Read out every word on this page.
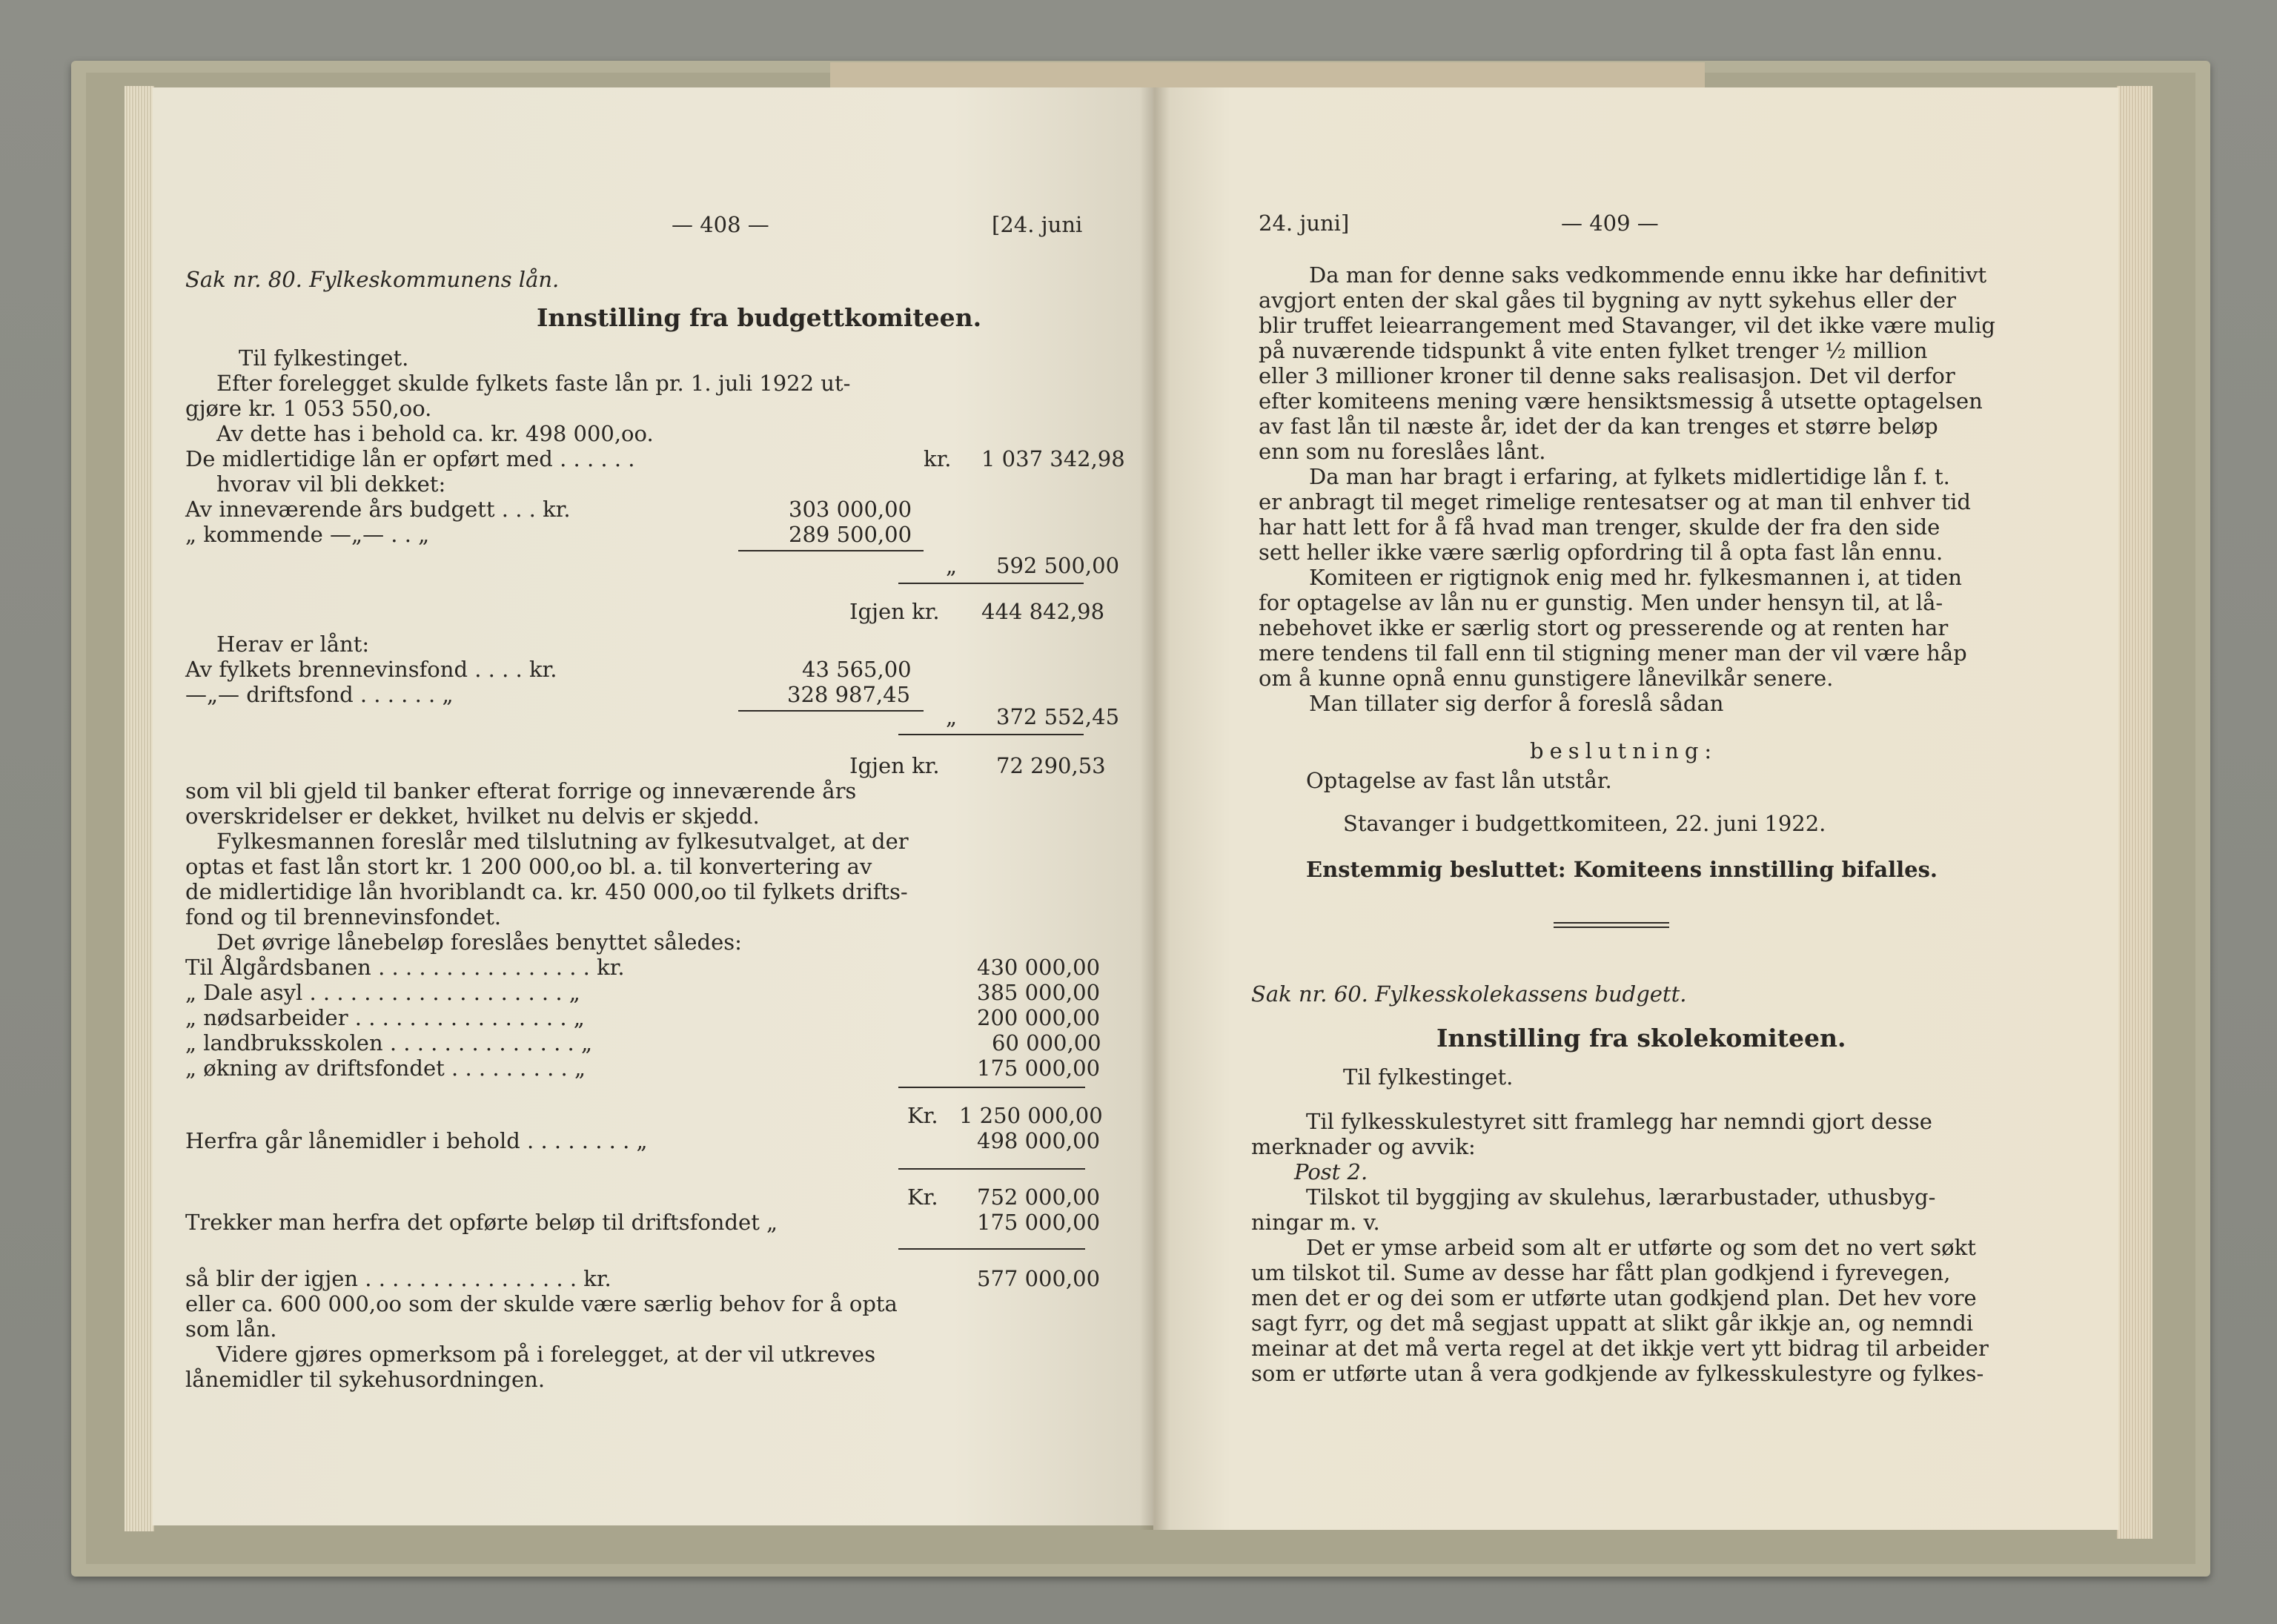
— 408 —	[24. juni
Sak nr. 80. Fylkeskommunens lån.
Innstilling fra budgettkomiteen.
Til fylkestinget.
Efter forelegget skulde fylkets faste lån pr. 1. juli 1922 ut-
gjøre kr. 1 053 550,oo.
Av dette has i behold ca. kr. 498 000,oo.
De midlertidige lån er opført med . . . . . .	kr. 1 037 342,98
hvorav vil bli dekket:
Av inneværende års budgett . . . kr.	303 000,00
„ kommende —„— . . „	289 500,00
„ 592 500,00
Igjen kr. 444 842,98
Herav er lånt:
Av fylkets brennevinsfond . . . . kr.	43 565,00
—„— driftsfond . . . . . . „	328 987,45
„ 372 552,45
Igjen kr.	72 290,53
som vil bli gjeld til banker efterat forrige og inneværende års
overskridelser er dekket, hvilket nu delvis er skjedd.
Fylkesmannen foreslår med tilslutning av fylkesutvalget, at der
optas et fast lån stort kr. 1 200 000,oo bl. a. til konvertering av
de midlertidige lån hvoriblandt ca. kr. 450 000,oo til fylkets drifts-
fond og til brennevinsfondet.
Det øvrige lånebeløp foreslåes benyttet således:
Til Ålgårdsbanen . . . . . . . . . . . . . . . . kr.	430 000,00
„ Dale asyl . . . . . . . . . . . . . . . . . . . „	385 000,00
„ nødsarbeider . . . . . . . . . . . . . . . . „	200 000,00
„ landbruksskolen . . . . . . . . . . . . . . „	60 000,00
„ økning av driftsfondet . . . . . . . . . „	175 000,00
Kr. 1 250 000,00
Herfra går lånemidler i behold . . . . . . . . „	498 000,00
Kr. 752 000,00
Trekker man herfra det opførte beløp til driftsfondet „	175 000,00
så blir der igjen . . . . . . . . . . . . . . . . kr.	577 000,00
eller ca. 600 000,oo som der skulde være særlig behov for å opta
som lån.
Videre gjøres opmerksom på i forelegget, at der vil utkreves
lånemidler til sykehusordningen.
24. juni]	— 409 —
Da man for denne saks vedkommende ennu ikke har definitivt
avgjort enten der skal gåes til bygning av nytt sykehus eller der
blir truffet leiearrangement med Stavanger, vil det ikke være mulig
på nuværende tidspunkt å vite enten fylket trenger ½ million
eller 3 millioner kroner til denne saks realisasjon. Det vil derfor
efter komiteens mening være hensiktsmessig å utsette optagelsen
av fast lån til næste år, idet der da kan trenges et større beløp
enn som nu foreslåes lånt.
Da man har bragt i erfaring, at fylkets midlertidige lån f. t.
er anbragt til meget rimelige rentesatser og at man til enhver tid
har hatt lett for å få hvad man trenger, skulde der fra den side
sett heller ikke være særlig opfordring til å opta fast lån ennu.
Komiteen er rigtignok enig med hr. fylkesmannen i, at tiden
for optagelse av lån nu er gunstig. Men under hensyn til, at lå-
nebehovet ikke er særlig stort og presserende og at renten har
mere tendens til fall enn til stigning mener man der vil være håp
om å kunne opnå ennu gunstigere lånevilkår senere.
Man tillater sig derfor å foreslå sådan
beslutning:
Optagelse av fast lån utstår.
Stavanger i budgettkomiteen, 22. juni 1922.
Enstemmig besluttet: Komiteens innstilling bifalles.
Sak nr. 60. Fylkesskolekassens budgett.
Innstilling fra skolekomiteen.
Til fylkestinget.
Til fylkesskulestyret sitt framlegg har nemndi gjort desse
merknader og avvik:
Post 2.
Tilskot til byggjing av skulehus, lærarbustader, uthusbyg-
ningar m. v.
Det er ymse arbeid som alt er utførte og som det no vert søkt
um tilskot til. Sume av desse har fått plan godkjend i fyrevegen,
men det er og dei som er utførte utan godkjend plan. Det hev vore
sagt fyrr, og det må segjast uppatt at slikt går ikkje an, og nemndi
meinar at det må verta regel at det ikkje vert ytt bidrag til arbeider
som er utførte utan å vera godkjende av fylkesskulestyre og fylkes-
